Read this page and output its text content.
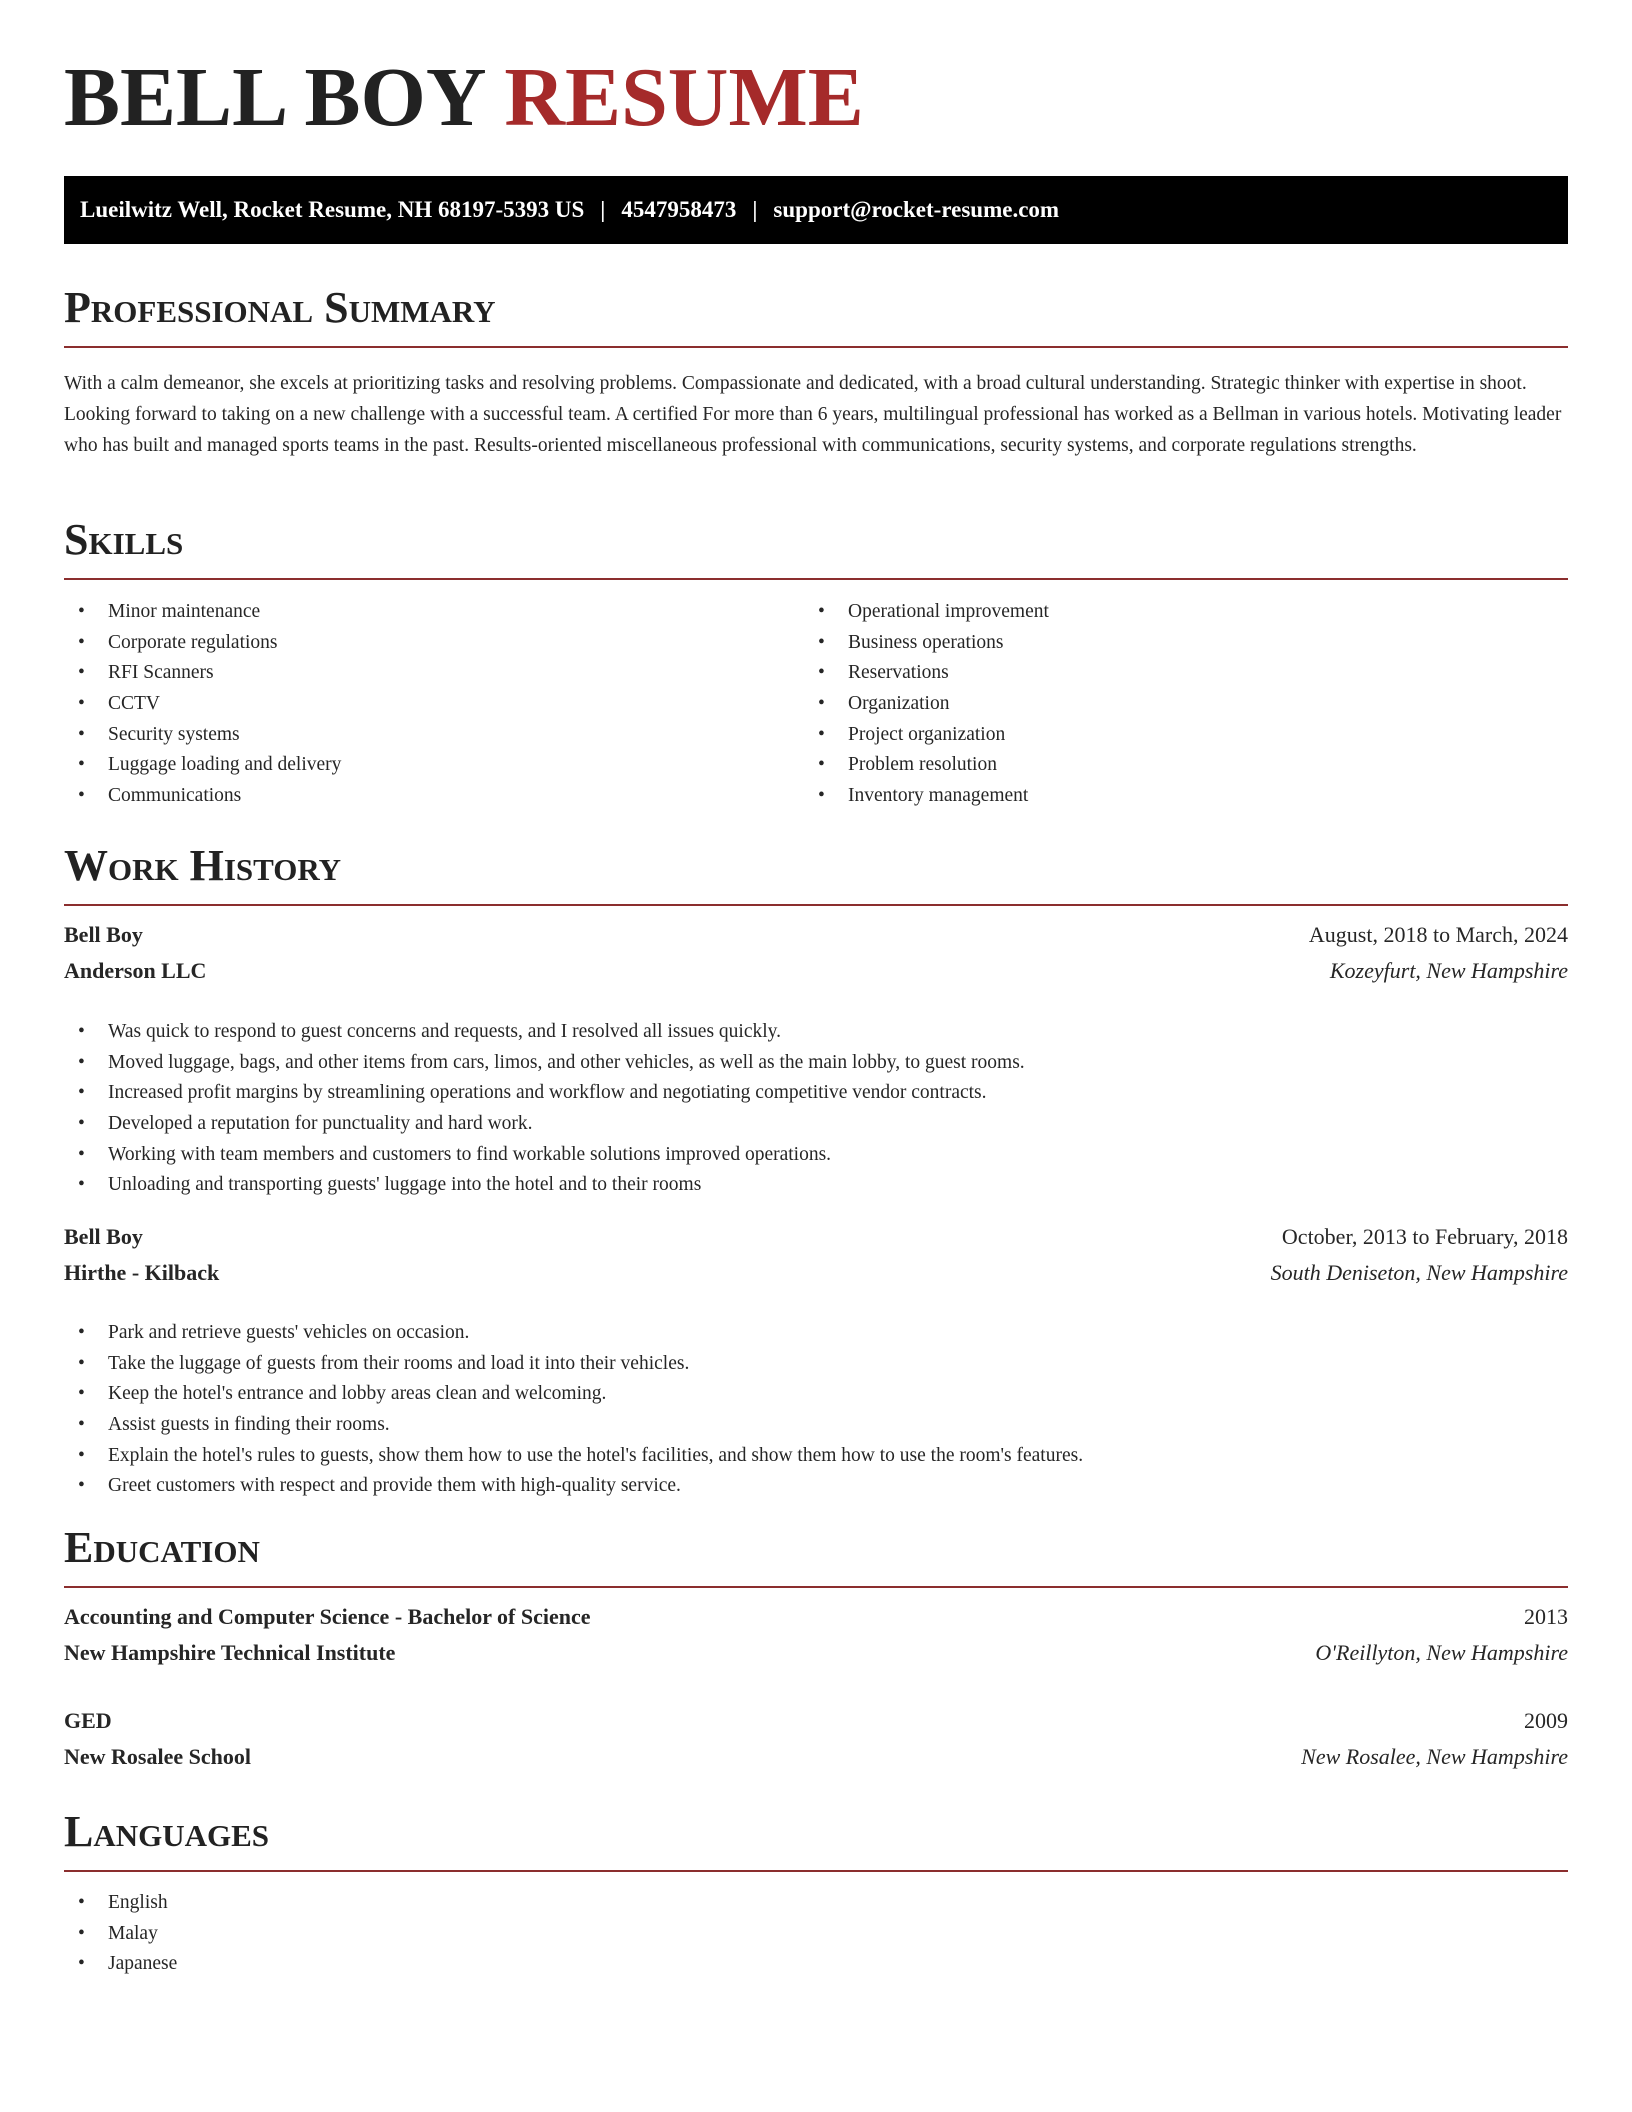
BELL BOY RESUME
Lueilwitz Well, Rocket Resume, NH 68197-5393 US | 4547958473 | support@rocket-resume.com
Professional Summary

With a calm demeanor, she excels at prioritizing tasks and resolving problems. Compassionate and dedicated, with a broad cultural understanding. Strategic thinker with expertise in shoot. Looking forward to taking on a new challenge with a successful team. A certified For more than 6 years, multilingual professional has worked as a Bellman in various hotels. Motivating leader who has built and managed sports teams in the past. Results-oriented miscellaneous professional with communications, security systems, and corporate regulations strengths.

Skills
• Minor maintenance
• Corporate regulations
• RFI Scanners
• CCTV
• Security systems
• Luggage loading and delivery
• Communications
• Operational improvement
• Business operations
• Reservations
• Organization
• Project organization
• Problem resolution
• Inventory management
Work History
Bell Boy	August, 2018 to March, 2024
Anderson LLC	Kozeyfurt, New Hampshire
• Was quick to respond to guest concerns and requests, and I resolved all issues quickly.
• Moved luggage, bags, and other items from cars, limos, and other vehicles, as well as the main lobby, to guest rooms.
• Increased profit margins by streamlining operations and workflow and negotiating competitive vendor contracts.
• Developed a reputation for punctuality and hard work.
• Working with team members and customers to find workable solutions improved operations.
• Unloading and transporting guests' luggage into the hotel and to their rooms
Bell Boy	October, 2013 to February, 2018
Hirthe - Kilback	South Deniseton, New Hampshire
• Park and retrieve guests' vehicles on occasion.
• Take the luggage of guests from their rooms and load it into their vehicles.
• Keep the hotel's entrance and lobby areas clean and welcoming.
• Assist guests in finding their rooms.
• Explain the hotel's rules to guests, show them how to use the hotel's facilities, and show them how to use the room's features.
• Greet customers with respect and provide them with high-quality service.
Education
Accounting and Computer Science - Bachelor of Science	2013
New Hampshire Technical Institute	O'Reillyton, New Hampshire
GED	2009
New Rosalee School	New Rosalee, New Hampshire
Languages
• English
• Malay
• Japanese
